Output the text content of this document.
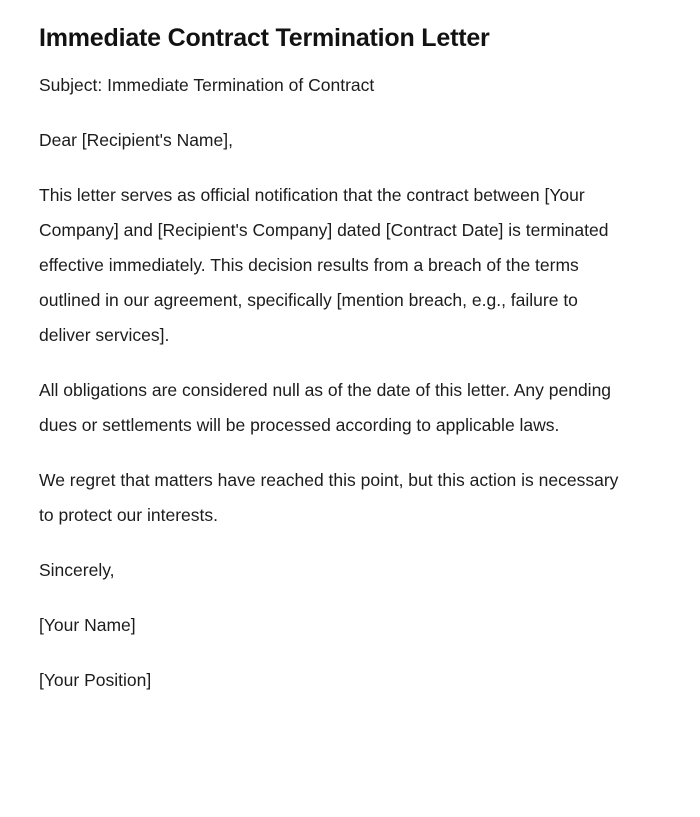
Immediate Contract Termination Letter

Subject: Immediate Termination of Contract

Dear [Recipient's Name],

This letter serves as official notification that the contract between [Your Company] and [Recipient's Company] dated [Contract Date] is terminated effective immediately. This decision results from a breach of the terms outlined in our agreement, specifically [mention breach, e.g., failure to deliver services].

All obligations are considered null as of the date of this letter. Any pending dues or settlements will be processed according to applicable laws.

We regret that matters have reached this point, but this action is necessary to protect our interests.

Sincerely,

[Your Name]

[Your Position]
